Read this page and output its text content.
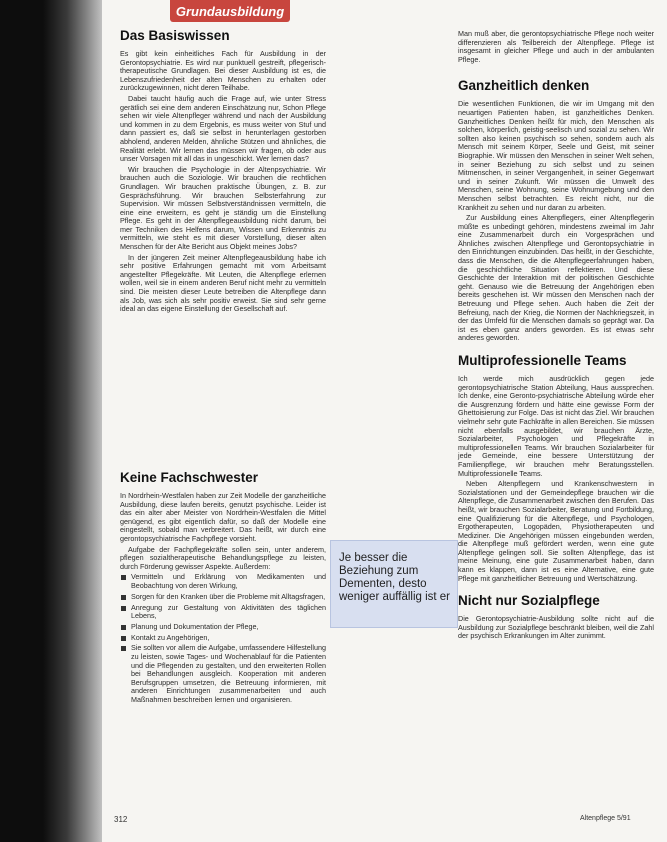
Grundausbildung
Das Basiswissen

Es gibt kein einheitliches Fach für Ausbildung in der Gerontopsychiatrie. Es wird nur punktuell gestreift, pflegerisch-therapeutische Grundlagen. Bei dieser Ausbildung ist es, die Lebenszufriedenheit der alten Menschen zu erhalten oder zurückzugewinnen, nicht deren Teilhabe.

Dabei taucht häufig auch die Frage auf, wie unter Stress gerätlich sei eine dem anderen Einschätzung nur, Schon Pflege sehen wir viele Altenpfleger während und nach der Ausbildung und kommen in zu dem Ergebnis, es muss weiter von Stuf und dann passiert es, daß sie selbst in herunterlagen gestorben abholend, anderen Melden, ähnliche Stützen und ähnliches, die Realität erlebt. Wir lernen das müssen wir fragen, ob oder aus unser Vorsagen mit all das in ungeschickt. Wer lernen das?

Wir brauchen die Psychologie in der Altenpsychiatrie. Wir brauchen auch die Soziologie. Wir brauchen die rechtlichen Grundlagen. Wir brauchen praktische Übungen, z. B. zur Gesprächsführung. Wir brauchen Selbsterfahrung zur Supervision. Wir müssen Selbstverständnissen vermitteln, die eine eine erweitern, es geht je ständig um die Einstellung Pflege. Es geht in der Altenpflegeausbildung nicht darum, bei mer Techniken des Helfens darum, Wissen und Erkenntnis zu vermitteln, wie steht es mit dieser Vorstellung, dieser alten Menschen für der Alte Bericht aus Objekt meines Jobs?

In der jüngeren Zeit meiner Altenpflegeausbildung habe ich sehr positive Erfahrungen gemacht mit vom Arbeitsamt angestellter Pflegekräfte. Mit Leuten, die Altenpflege erlernen wollen, weil sie in einem anderen Beruf nicht mehr zu vermitteln sind. Die meisten dieser Leute betreiben die Altenpflege dann als Job, was sich als sehr positiv erweist. Sie sind sehr gerne ideal an das eigene Einstellung der Gesellschaft auf.

Keine Fachschwester

In Nordrhein-Westfalen haben zur Zeit Modelle der ganzheitliche Ausbildung, diese laufen bereits, genutzt psychische. Leider ist das ein alter aber Meister von Nordrhein-Westfalen die Mittel genügend, es gibt eigentlich dafür, so daß der Modelle eine eingestellt, sobald man verbreitert. Das heißt, wir durch eine gerontopsychiatrische Fachpflege vorsieht.

Aufgabe der Fachpflegekräfte sollen sein, unter anderem, pflegen sozialtherapeutische Behandlungspflege zu leisten, durch Förderung gewisser Aspekte. Außerdem:

Vermitteln und Erklärung von Medikamenten und Beobachtung von deren Wirkung,
Sorgen für den Kranken über die Probleme mit Alltagsfragen,
Anregung zur Gestaltung von Aktivitäten des täglichen Lebens,
Planung und Dokumentation der Pflege,
Kontakt zu Angehörigen,
Sie sollten vor allem die Aufgabe, umfassendere Hilfestellung zu leisten, sowie Tages- und Wochenablauf für die Patienten und die Pflegenden zu gestalten, und den erweiterten Rollen bei Behandlungen ausgleich. Kooperation mit anderen Berufsgruppen umsetzen, die Betreuung informieren, mit anderen Einrichtungen zusammenarbeiten und auch Maßnahmen beschreiben lernen und organisieren.
Je besser die Beziehung zum Dementen, desto weniger auffällig ist er

Man muß aber, die gerontopsychiatrische Pflege noch weiter differenzieren als Teilbereich der Altenpflege. Pflege ist insgesamt in gleicher Pflege und auch in der ambulanten Pflege.

Ganzheitlich denken

Die wesentlichen Funktionen, die wir im Umgang mit den neuartigen Patienten haben, ist ganzheitliches Denken. Ganzheitliches Denken heißt für mich, den Menschen als solchen, körperlich, geistig-seelisch und sozial zu sehen. Wir sollten also keinen psychisch so sehen, sondern auch als Mensch mit seinem Körper, Seele und Geist, mit seiner Biographie. Wir müssen den Menschen in seiner Welt sehen, in seiner Beziehung zu sich selbst und zu seinen Mitmenschen, in seiner Vergangenheit, in seiner Gegenwart und in seiner Zukunft. Wir müssen die Umwelt des Menschen, seine Wohnung, seine Wohnumgebung und den Menschen selbst betrachten. Es reicht nicht, nur die Krankheit zu sehen und nur daran zu arbeiten.

Zur Ausbildung eines Altenpflegers, einer Altenpflegerin müßte es unbedingt gehören, mindestens zweimal im Jahr eine Zusammenarbeit durch ein Vorgesprächen und Ähnliches zwischen Altenpflege und Gerontopsychiatrie in den Einrichtungen einzubinden. Das heißt, in der Geschichte, dass die Menschen, die die Altenpflegeerfahrungen haben, die geschichtliche Situation reflektieren. Und diese Geschichte der Interaktion mit der politischen Geschichte geht. Genauso wie die Betreuung der Angehörigen eben bereits geschehen ist. Wir müssen den Menschen nach der Betreuung und Pflege sehen. Auch haben die Zeit der Befreiung, nach der Krieg, die Normen der Nachkriegszeit, in der das Umfeld für die Menschen damals so geprägt war. Da ist es eben ganz anders geworden. Es ist etwas sehr anderes geworden.

Multiprofessionelle Teams

Ich werde mich ausdrücklich gegen jede gerontopsychiatrische Station Abteilung, Haus aussprechen. Ich denke, eine Geronto-psychiatrische Abteilung würde eher die Ausgrenzung fördern und hätte eine gewisse Form der Ghettoisierung zur Folge. Das ist nicht das Ziel. Wir brauchen vielmehr sehr gute Fachkräfte in allen Bereichen. Sie müssen nicht ebenfalls ausgebildet, wir brauchen Ärzte, Sozialarbeiter, Psychologen und Pflegekräfte in multiprofessionellen Teams. Wir brauchen Sozialarbeiter für jede Gemeinde, eine bessere Unterstützung der Familienpflege, wir brauchen mehr Beratungsstellen. Multiprofessionelle Teams.

Neben Altenpflegern und Krankenschwestern in Sozialstationen und der Gemeindepflege brauchen wir die Altenpflege, die Zusammenarbeit zwischen den Berufen. Das heißt, wir brauchen Sozialarbeiter, Beratung und Fortbildung, eine Qualifizierung für die Altenpflege, und Psychologen, Ergotherapeuten, Logopäden, Physiotherapeuten und Mediziner. Die Angehörigen müssen eingebunden werden, die Altenpflege muß gefördert werden, wenn eine gute Altenpflege gelingen soll. Sie sollten Altenpflege, das ist meine Meinung, eine gute Zusammenarbeit haben, dann kann es klappen, dann ist es eine Alternative, eine gute Pflege mit ganzheitlicher Betreuung und Wertschätzung.

Nicht nur Sozialpflege

Die Gerontopsychiatrie-Ausbildung sollte nicht auf die Ausbildung zur Sozialpflege beschränkt bleiben, weil die Zahl der psychisch Erkrankungen im Alter zunimmt.

312	Altenpflege 5/91
